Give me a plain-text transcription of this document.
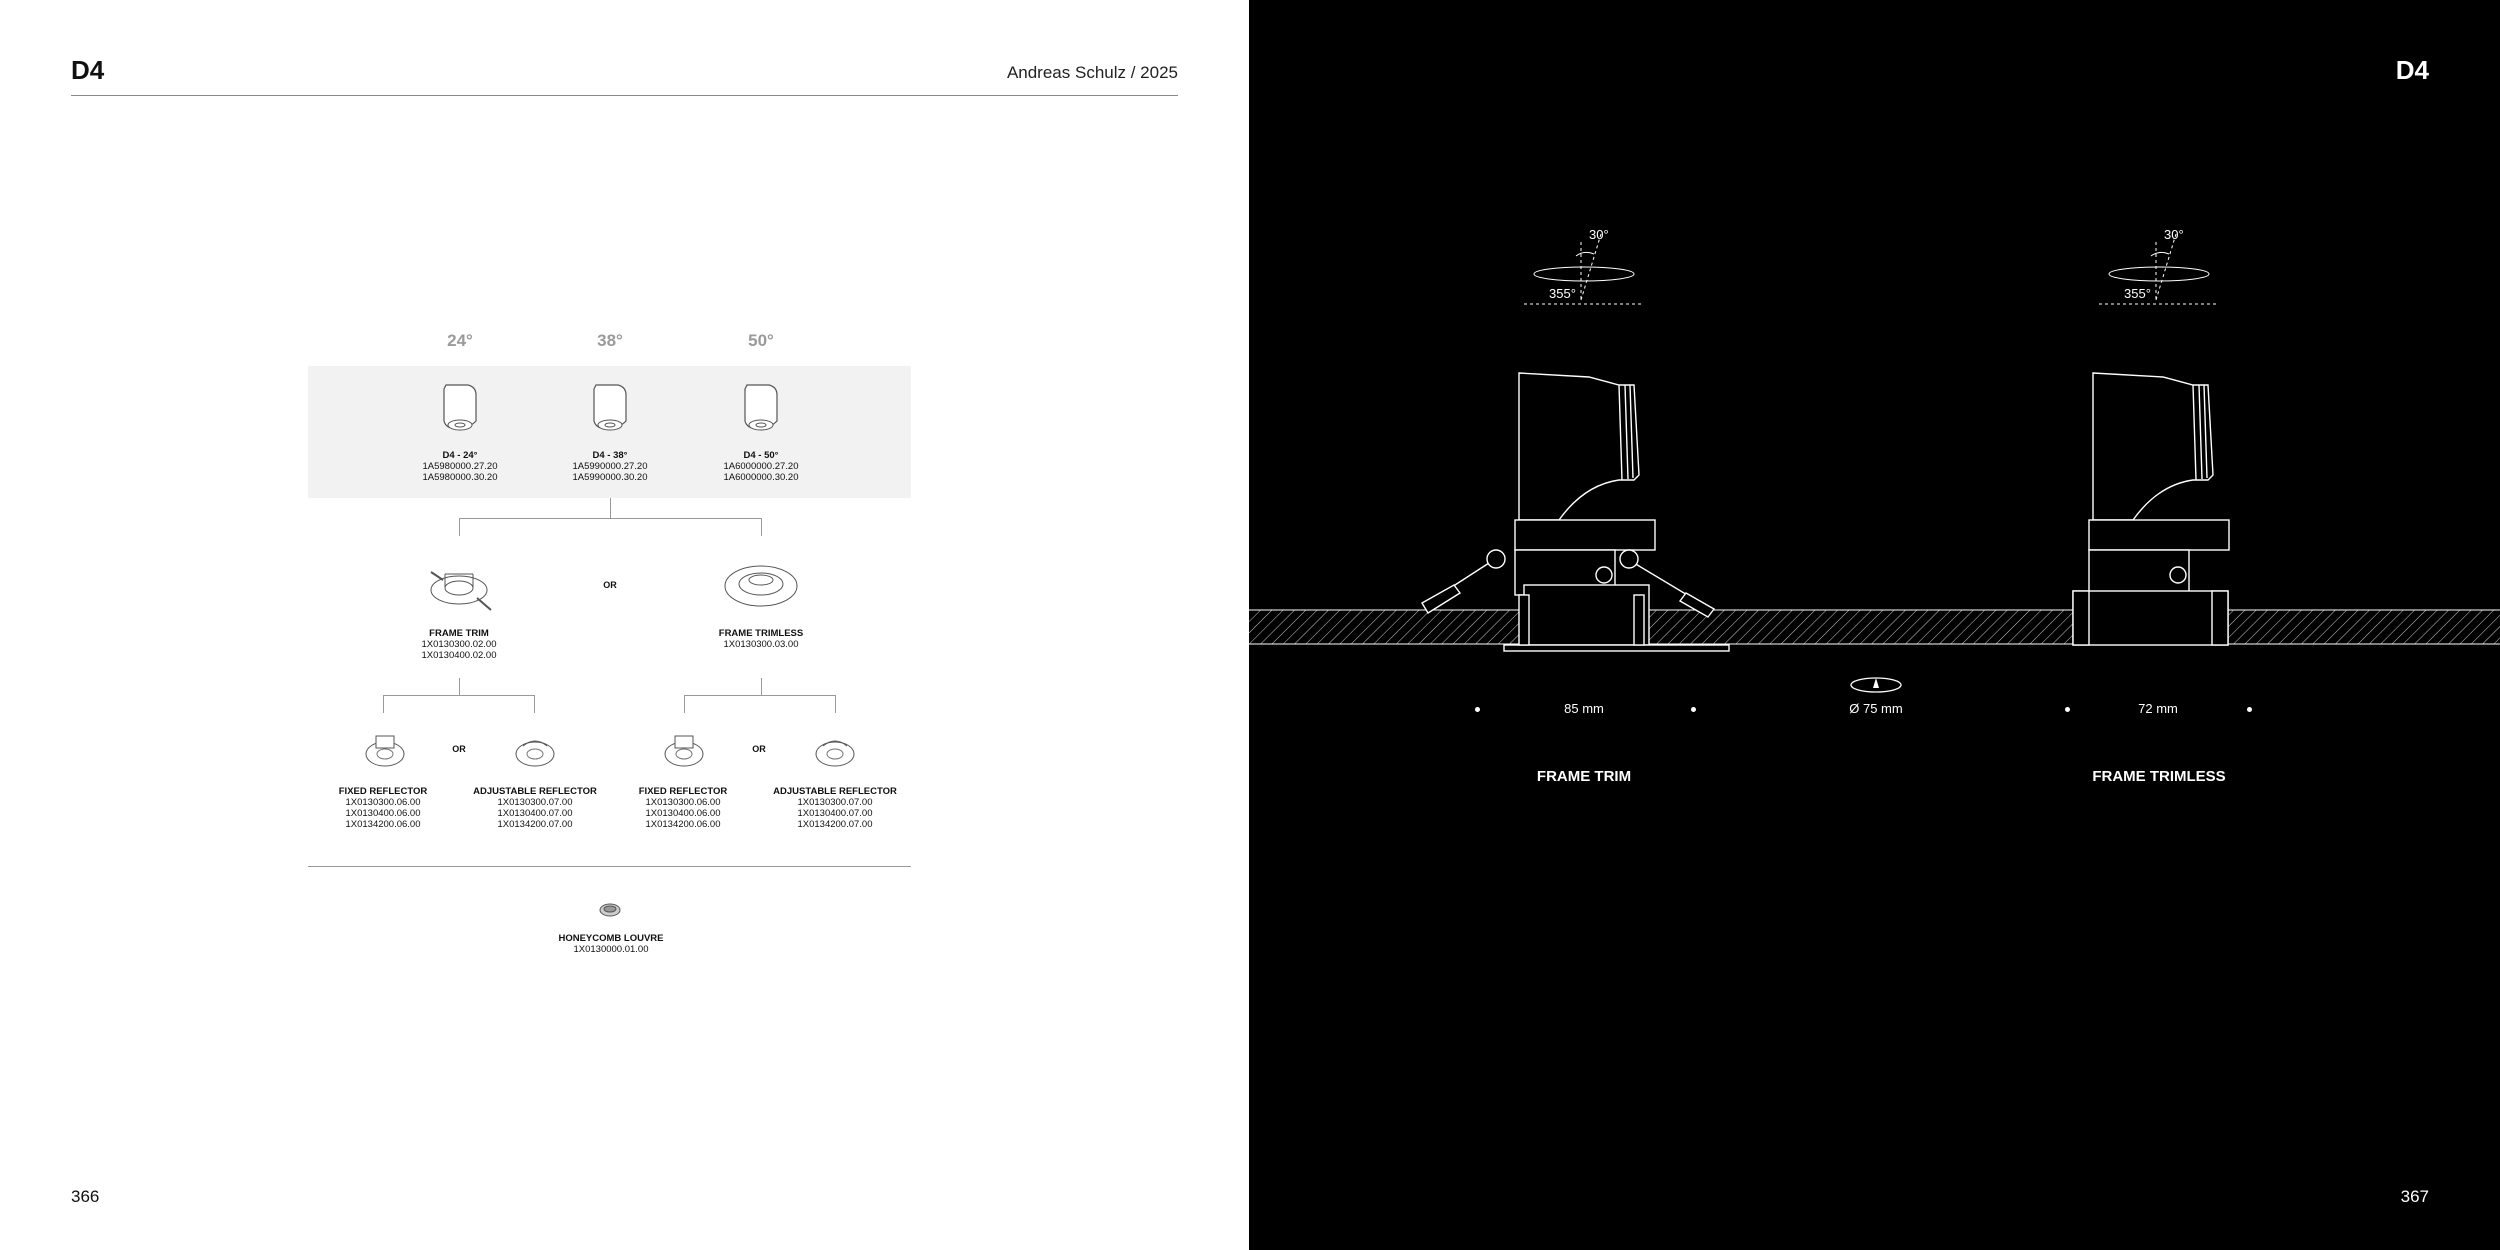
D4	Andreas Schulz / 2025
24°	38°	50°
D4 - 24°
1A5980000.27.20
1A5980000.30.20
D4 - 38°
1A5990000.27.20
1A5990000.30.20
D4 - 50°
1A6000000.27.20
1A6000000.30.20
OR
FRAME TRIM
1X0130300.02.00
1X0130400.02.00
FRAME TRIMLESS
1X0130300.03.00
OR	OR
FIXED REFLECTOR
1X0130300.06.00
1X0130400.06.00
1X0134200.06.00
ADJUSTABLE REFLECTOR
1X0130300.07.00
1X0130400.07.00
1X0134200.07.00
FIXED REFLECTOR
1X0130300.06.00
1X0130400.06.00
1X0134200.06.00
ADJUSTABLE REFLECTOR
1X0130300.07.00
1X0130400.07.00
1X0134200.07.00
HONEYCOMB LOUVRE
1X0130000.01.00
366
D4
30°
355°
30°
355°
85 mm	Ø 75 mm	72 mm
FRAME TRIM	FRAME TRIMLESS
367
